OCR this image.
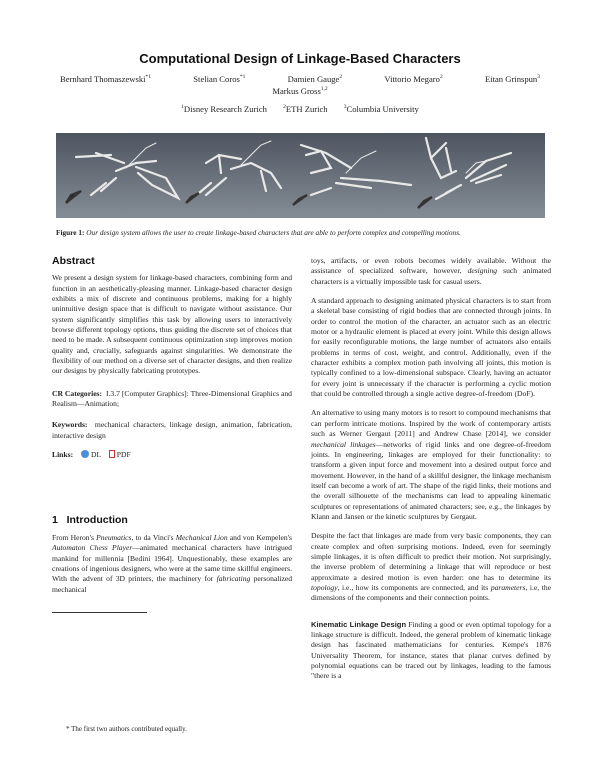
Computational Design of Linkage-Based Characters
Bernhard Thomaszewski$^{*1}$	Stelian Coros$^{*1}$	Damien Gauge$^2$	Vittorio Megaro$^2$	Eitan Grinspun$^3$
Markus Gross$^{1,2}$
$^1$Disney Research Zurich	$^2$ETH Zurich	$^3$Columbia University
Figure 1: Our design system allows the user to create linkage-based characters that are able to perform complex and compelling motions.
Abstract

We present a design system for linkage-based characters, combining form and function in an aesthetically-pleasing manner. Linkage-based character design exhibits a mix of discrete and continuous problems, making for a highly unintuitive design space that is difficult to navigate without assistance. Our system significantly simplifies this task by allowing users to interactively browse different topology options, thus guiding the discrete set of choices that need to be made. A subsequent continuous optimization step improves motion quality and, crucially, safeguards against singularities. We demonstrate the flexibility of our method on a diverse set of character designs, and then realize our designs by physically fabricating prototypes.

CR Categories: I.3.7 [Computer Graphics]: Three-Dimensional Graphics and Realism—Animation;

Keywords: mechanical characters, linkage design, animation, fabrication, interactive design

Links: DL PDF

1   Introduction

From Heron's Pneumatics, to da Vinci's Mechanical Lion and von Kempelen's Automaton Chess Player—animated mechanical characters have intrigued mankind for millennia [Bedini 1964]. Unquestionably, these examples are creations of ingenious designers, who were at the same time skillful engineers. With the advent of 3D printers, the machinery for fabricating personalized mechanical

* The first two authors contributed equally.

toys, artifacts, or even robots becomes widely available. Without the assistance of specialized software, however, designing such animated characters is a virtually impossible task for casual users.

A standard approach to designing animated physical characters is to start from a skeletal base consisting of rigid bodies that are connected through joints. In order to control the motion of the character, an actuator such as an electric motor or a hydraulic element is placed at every joint. While this design allows for easily reconfigurable motions, the large number of actuators also entails problems in terms of cost, weight, and control. Additionally, even if the character exhibits a complex motion path involving all joints, this motion is typically confined to a low-dimensional subspace. Clearly, having an actuator for every joint is unnecessary if the character is performing a cyclic motion that could be controlled through a single active degree-of-freedom (DoF).

An alternative to using many motors is to resort to compound mechanisms that can perform intricate motions. Inspired by the work of contemporary artists such as Werner Gergaut [2011] and Andrew Chase [2014], we consider mechanical linkages—networks of rigid links and one degree-of-freedom joints. In engineering, linkages are employed for their functionality: to transform a given input force and movement into a desired output force and movement. However, in the hand of a skillful designer, the linkage mechanism itself can become a work of art. The shape of the rigid links, their motions and the overall silhouette of the mechanisms can lead to appealing kinematic sculptures or representations of animated characters; see, e.g., the linkages by Klann and Jansen or the kinetic sculptures by Gergaut.

Despite the fact that linkages are made from very basic components, they can create complex and often surprising motions. Indeed, even for seemingly simple linkages, it is often difficult to predict their motion. Not surprisingly, the inverse problem of determining a linkage that will reproduce or best approximate a desired motion is even harder: one has to determine its topology, i.e., how its components are connected, and its parameters, i.e, the dimensions of the components and their connection points.

Kinematic Linkage Design Finding a good or even optimal topology for a linkage structure is difficult. Indeed, the general problem of kinematic linkage design has fascinated mathematicians for centuries. Kempe's 1876 Universality Theorem, for instance, states that planar curves defined by polynomial equations can be traced out by linkages, leading to the famous "there is a
